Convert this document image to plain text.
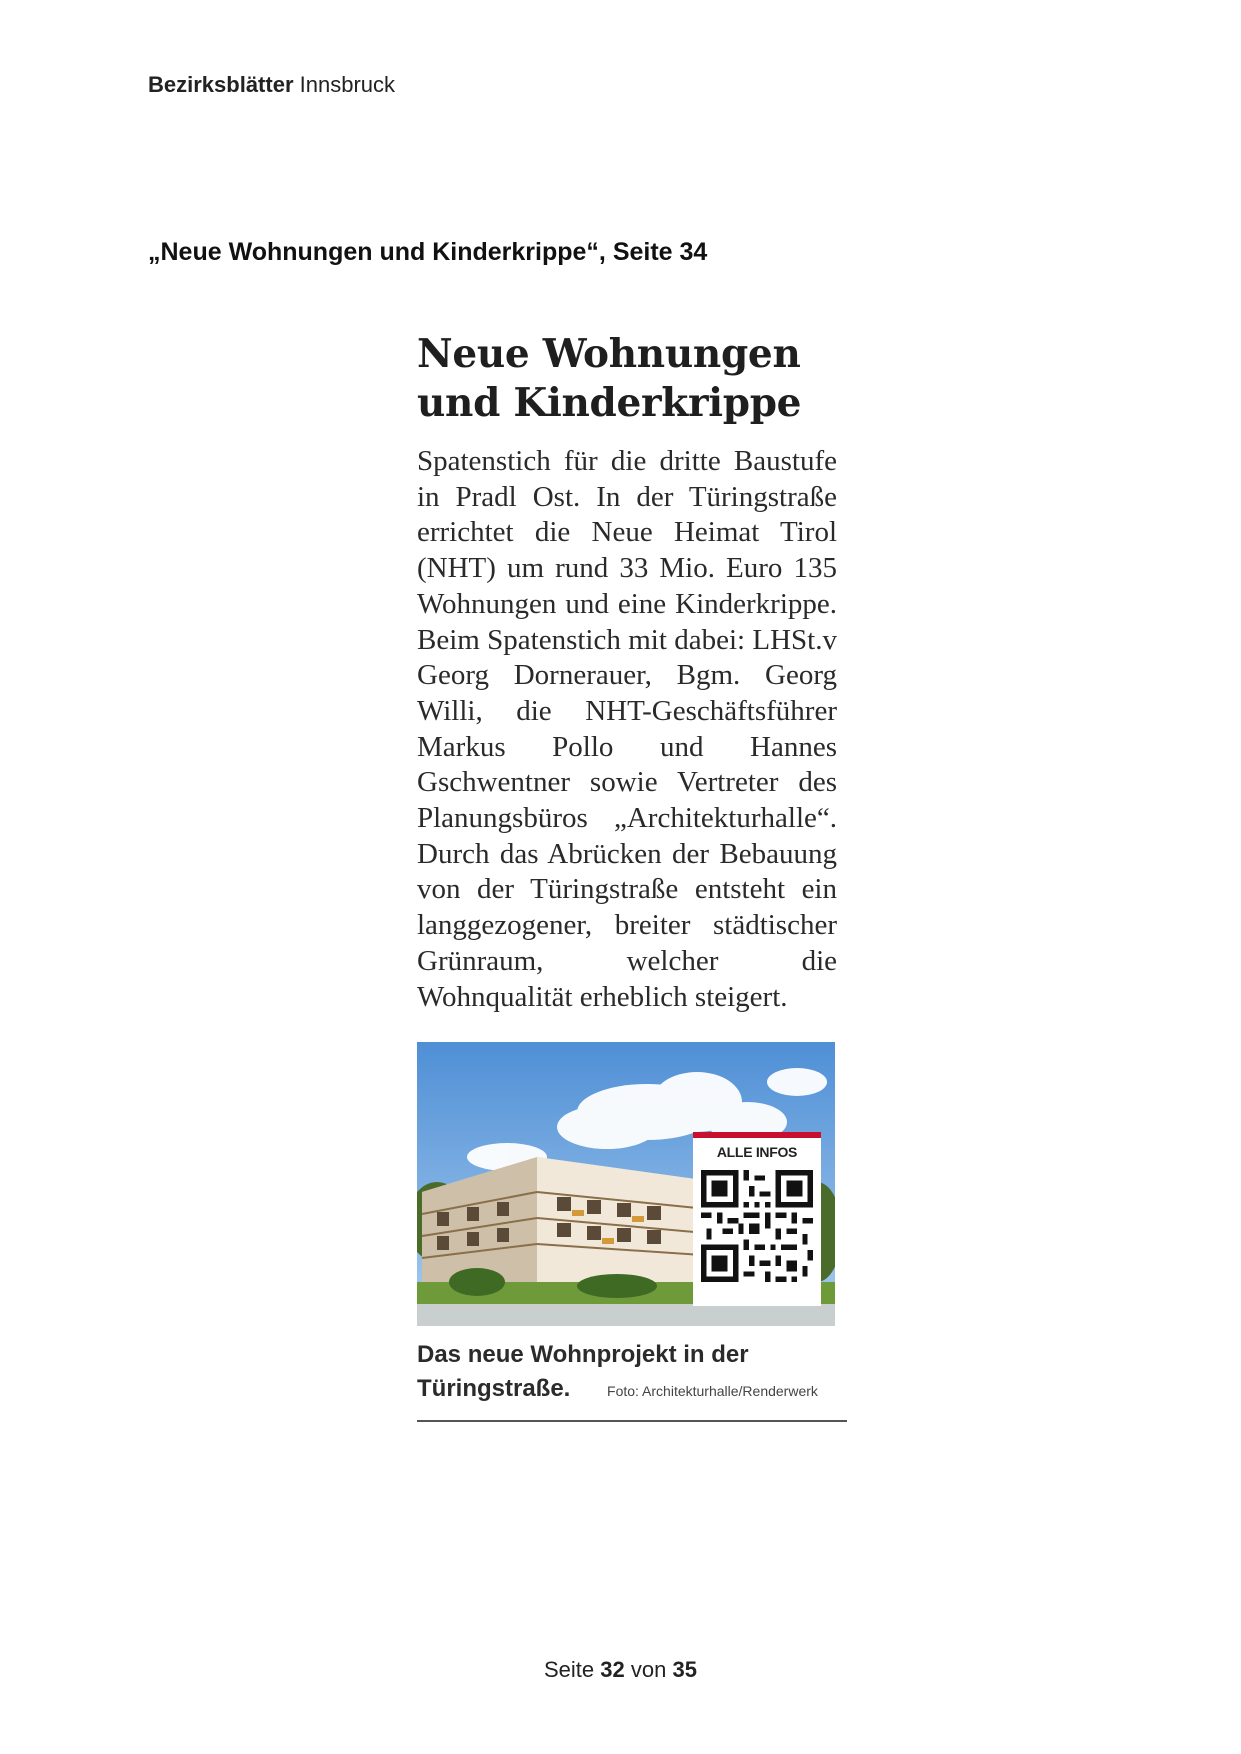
Bezirksblätter Innsbruck
„Neue Wohnungen und Kinderkrippe“, Seite 34
Neue Wohnungen
und Kinderkrippe

Spatenstich für die dritte Baustufe in Pradl Ost. In der Türingstraße errichtet die Neue Heimat Tirol (NHT) um rund 33 Mio. Euro 135 Wohnungen und eine Kinderkrippe. Beim Spatenstich mit dabei: LHSt.v Georg Dornerauer, Bgm. Georg Willi, die NHT-Geschäftsführer Markus Pollo und Hannes Gschwentner sowie Vertreter des Planungsbüros „Architekturhalle“. Durch das Abrücken der Bebauung von der Türingstraße entsteht ein langgezogener, breiter städtischer Grünraum, welcher die Wohnqualität erheblich steigert.

ALLE INFOS
Das neue Wohnprojekt in der Türingstraße.	Foto: Architekturhalle/Renderwerk
Seite 32 von 35
